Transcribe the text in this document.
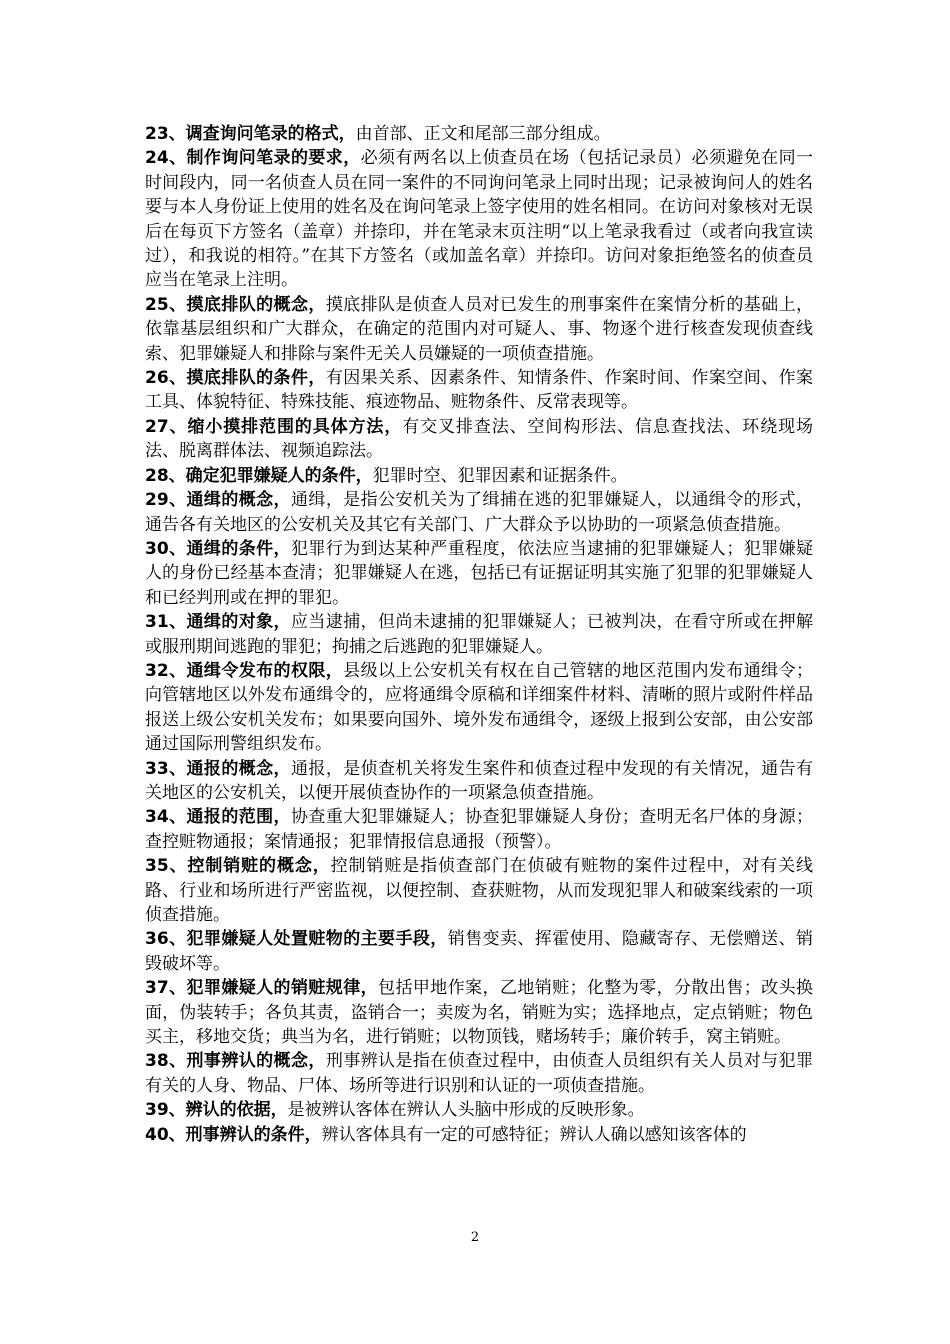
23、调查询问笔录的格式，由首部、正文和尾部三部分组成。

24、制作询问笔录的要求，必须有两名以上侦查员在场（包括记录员）必须避免在同一时间段内，同一名侦查人员在同一案件的不同询问笔录上同时出现；记录被询问人的姓名要与本人身份证上使用的姓名及在询问笔录上签字使用的姓名相同。在访问对象核对无误后在每页下方签名（盖章）并捺印，并在笔录末页注明“以上笔录我看过（或者向我宣读过），和我说的相符。”在其下方签名（或加盖名章）并捺印。访问对象拒绝签名的侦查员应当在笔录上注明。

25、摸底排队的概念，摸底排队是侦查人员对已发生的刑事案件在案情分析的基础上，依靠基层组织和广大群众，在确定的范围内对可疑人、事、物逐个进行核查发现侦查线索、犯罪嫌疑人和排除与案件无关人员嫌疑的一项侦查措施。

26、摸底排队的条件，有因果关系、因素条件、知情条件、作案时间、作案空间、作案工具、体貌特征、特殊技能、痕迹物品、赃物条件、反常表现等。

27、缩小摸排范围的具体方法，有交叉排查法、空间构形法、信息查找法、环绕现场法、脱离群体法、视频追踪法。

28、确定犯罪嫌疑人的条件，犯罪时空、犯罪因素和证据条件。

29、通缉的概念，通缉，是指公安机关为了缉捕在逃的犯罪嫌疑人，以通缉令的形式，通告各有关地区的公安机关及其它有关部门、广大群众予以协助的一项紧急侦查措施。

30、通缉的条件，犯罪行为到达某种严重程度，依法应当逮捕的犯罪嫌疑人；犯罪嫌疑人的身份已经基本查清；犯罪嫌疑人在逃，包括已有证据证明其实施了犯罪的犯罪嫌疑人和已经判刑或在押的罪犯。

31、通缉的对象，应当逮捕，但尚未逮捕的犯罪嫌疑人；已被判决，在看守所或在押解或服刑期间逃跑的罪犯；拘捕之后逃跑的犯罪嫌疑人。

32、通缉令发布的权限，县级以上公安机关有权在自己管辖的地区范围内发布通缉令；向管辖地区以外发布通缉令的，应将通缉令原稿和详细案件材料、清晰的照片或附件样品报送上级公安机关发布；如果要向国外、境外发布通缉令，逐级上报到公安部，由公安部通过国际刑警组织发布。

33、通报的概念，通报，是侦查机关将发生案件和侦查过程中发现的有关情况，通告有关地区的公安机关，以便开展侦查协作的一项紧急侦查措施。

34、通报的范围，协查重大犯罪嫌疑人；协查犯罪嫌疑人身份；查明无名尸体的身源；查控赃物通报；案情通报；犯罪情报信息通报（预警）。

35、控制销赃的概念，控制销赃是指侦查部门在侦破有赃物的案件过程中，对有关线路、行业和场所进行严密监视，以便控制、查获赃物，从而发现犯罪人和破案线索的一项侦查措施。

36、犯罪嫌疑人处置赃物的主要手段，销售变卖、挥霍使用、隐藏寄存、无偿赠送、销毁破坏等。

37、犯罪嫌疑人的销赃规律，包括甲地作案，乙地销赃；化整为零，分散出售；改头换面，伪装转手；各负其责，盗销合一；卖废为名，销赃为实；选择地点，定点销赃；物色买主，移地交货；典当为名，进行销赃；以物顶钱，赌场转手；廉价转手，窝主销赃。

38、刑事辨认的概念，刑事辨认是指在侦查过程中，由侦查人员组织有关人员对与犯罪有关的人身、物品、尸体、场所等进行识别和认证的一项侦查措施。

39、辨认的依据，是被辨认客体在辨认人头脑中形成的反映形象。

40、刑事辨认的条件，辨认客体具有一定的可感特征；辨认人确以感知该客体的

2
